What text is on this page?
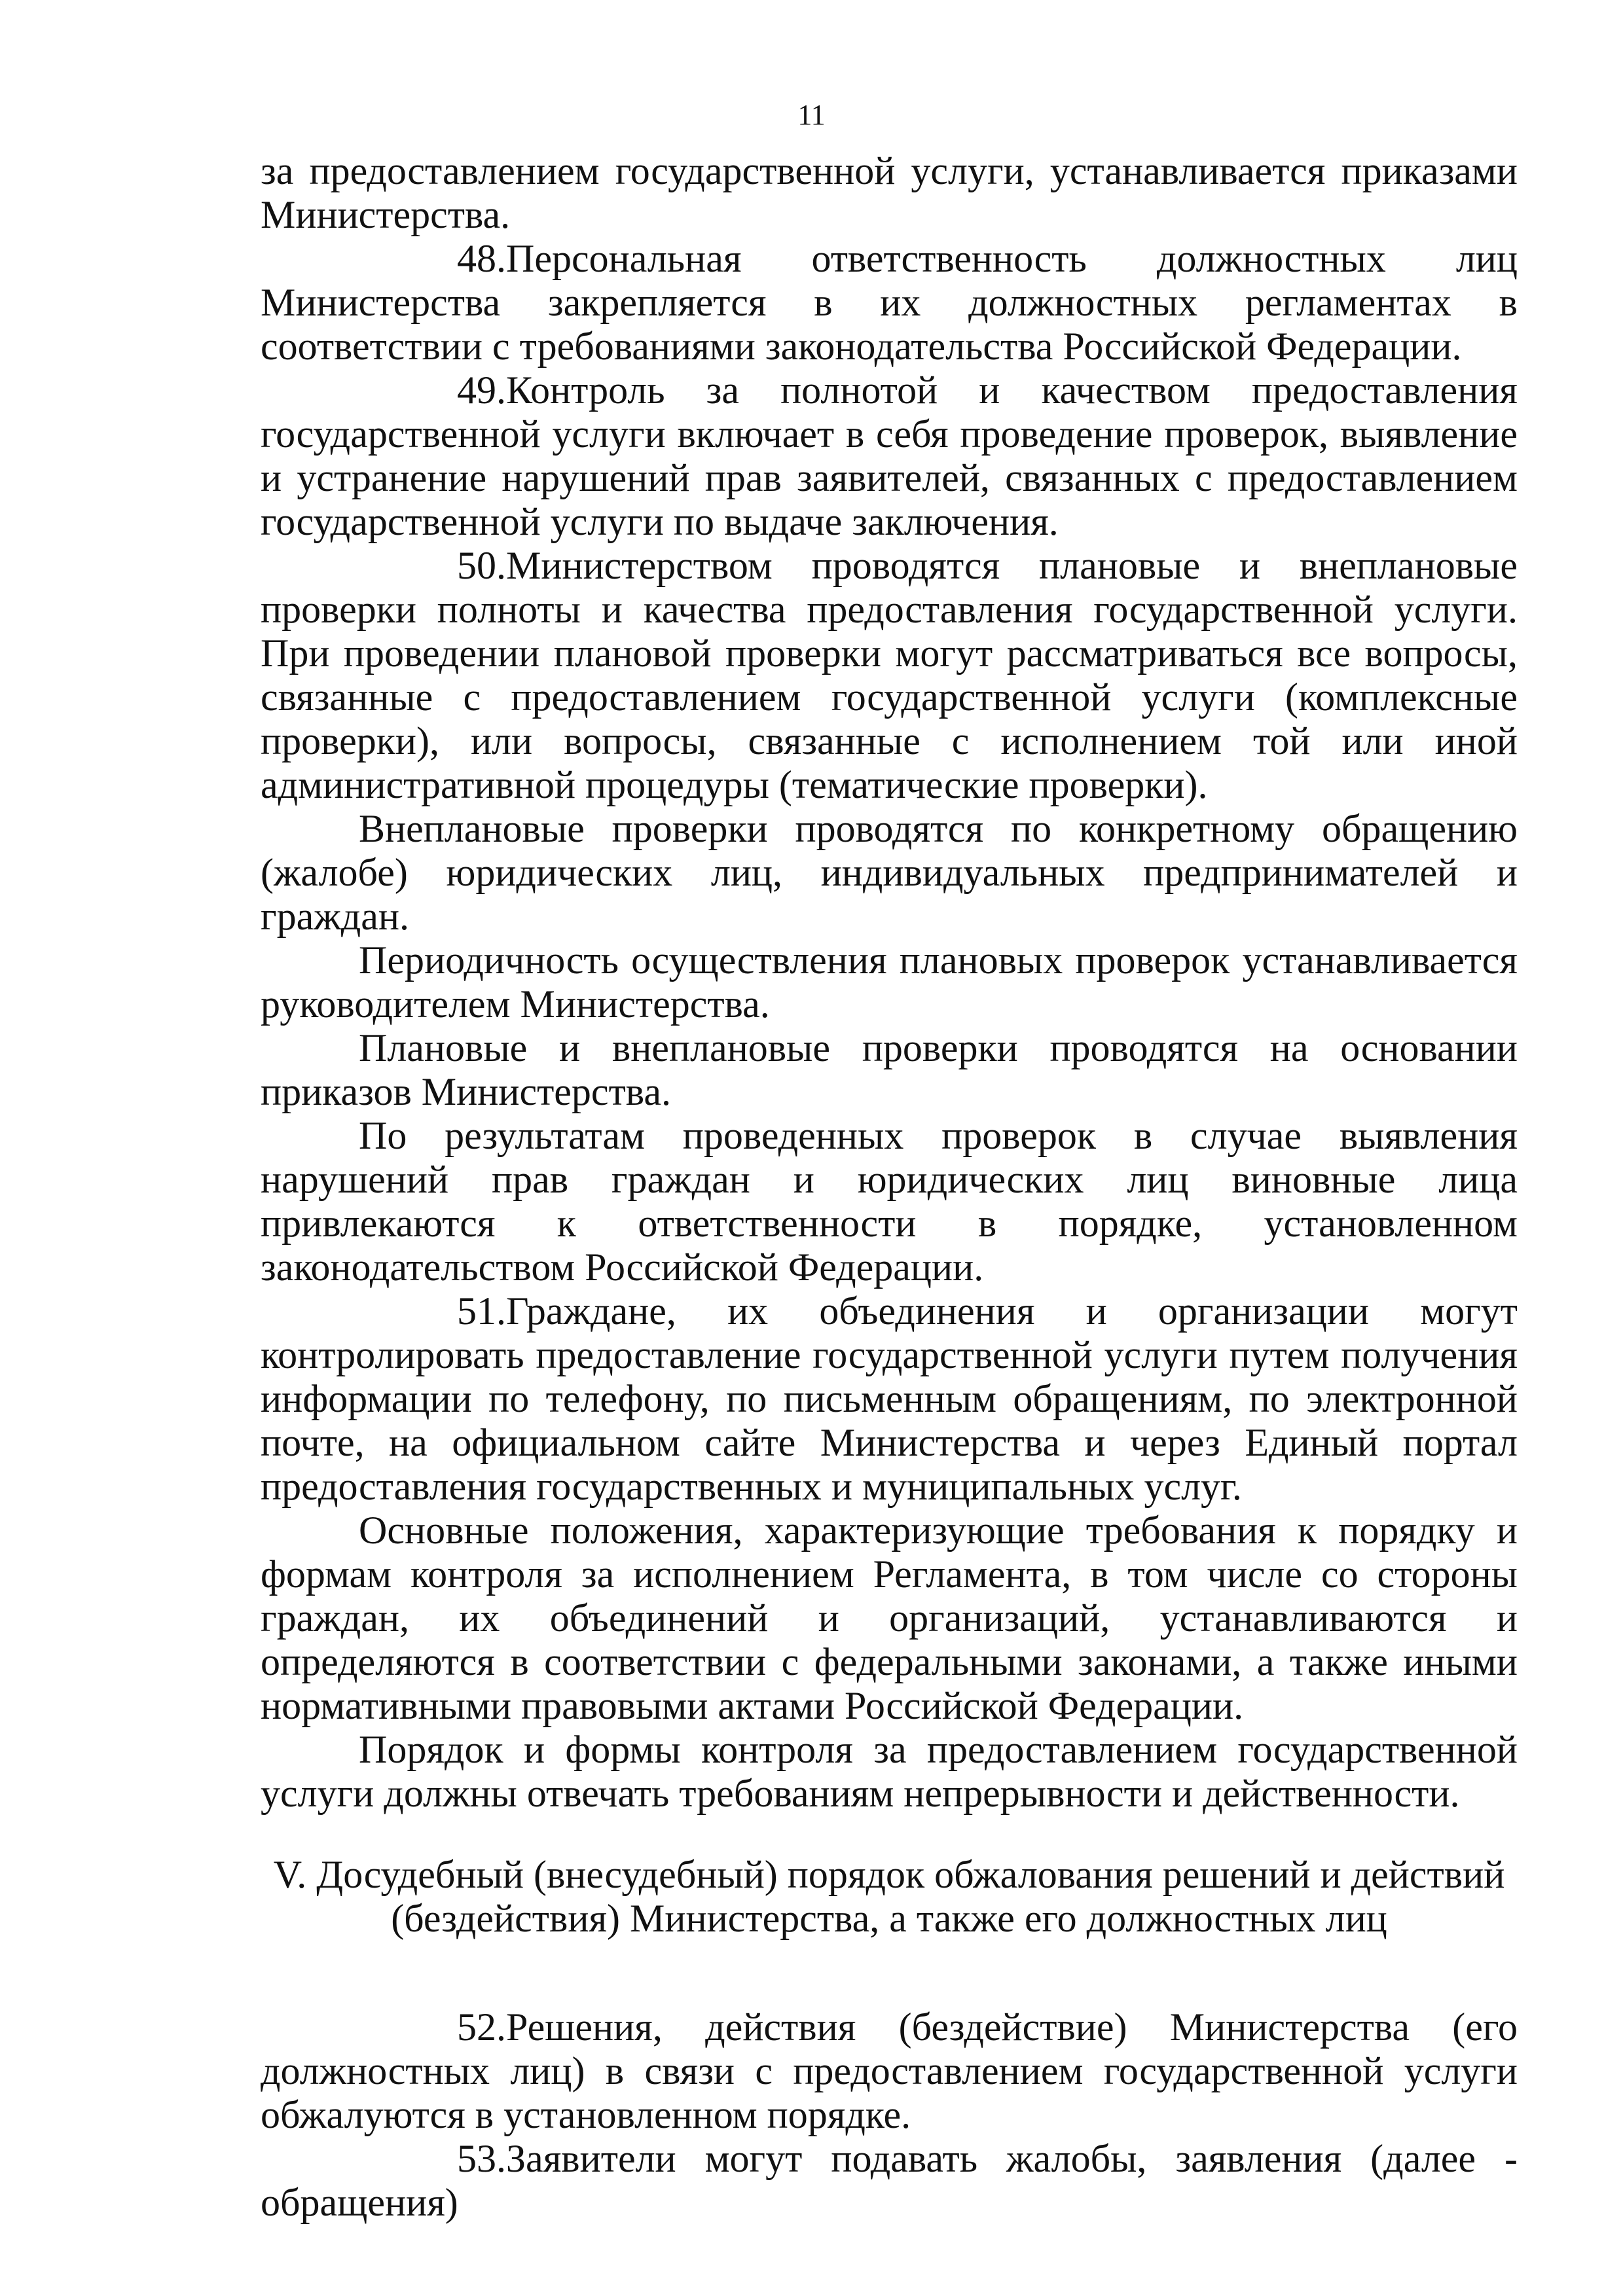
11

за предоставлением государственной услуги, устанавливается приказами Министерства.

48.Персональная ответственность должностных лиц Министерства закрепляется в их должностных регламентах в соответствии с требованиями законодательства Российской Федерации.

49.Контроль за полнотой и качеством предоставления государственной услуги включает в себя проведение проверок, выявление и устранение нарушений прав заявителей, связанных с предоставлением государственной услуги по выдаче заключения.

50.Министерством проводятся плановые и внеплановые проверки полноты и качества предоставления государственной услуги. При проведении плановой проверки могут рассматриваться все вопросы, связанные с предоставлением государственной услуги (комплексные проверки), или вопросы, связанные с исполнением той или иной административной процедуры (тематические проверки).

Внеплановые проверки проводятся по конкретному обращению (жалобе) юридических лиц, индивидуальных предпринимателей и граждан.

Периодичность осуществления плановых проверок устанавливается руководителем Министерства.

Плановые и внеплановые проверки проводятся на основании приказов Министерства.

По результатам проведенных проверок в случае выявления нарушений прав граждан и юридических лиц виновные лица привлекаются к ответственности в порядке, установленном законодательством Российской Федерации.

51.Граждане, их объединения и организации могут контролировать предоставление государственной услуги путем получения информации по телефону, по письменным обращениям, по электронной почте, на официальном сайте Министерства и через Единый портал предоставления государственных и муниципальных услуг.

Основные положения, характеризующие требования к порядку и формам контроля за исполнением Регламента, в том числе со стороны граждан, их объединений и организаций, устанавливаются и определяются в соответствии с федеральными законами, а также иными нормативными правовыми актами Российской Федерации.

Порядок и формы контроля за предоставлением государственной услуги должны отвечать требованиям непрерывности и действенности.

V. Досудебный (внесудебный) порядок обжалования решений и действий
(бездействия) Министерства, а также его должностных лиц

52.Решения, действия (бездействие) Министерства (его должностных лиц) в связи с предоставлением государственной услуги обжалуются в установленном порядке.

53.Заявители могут подавать жалобы, заявления (далее - обращения)
